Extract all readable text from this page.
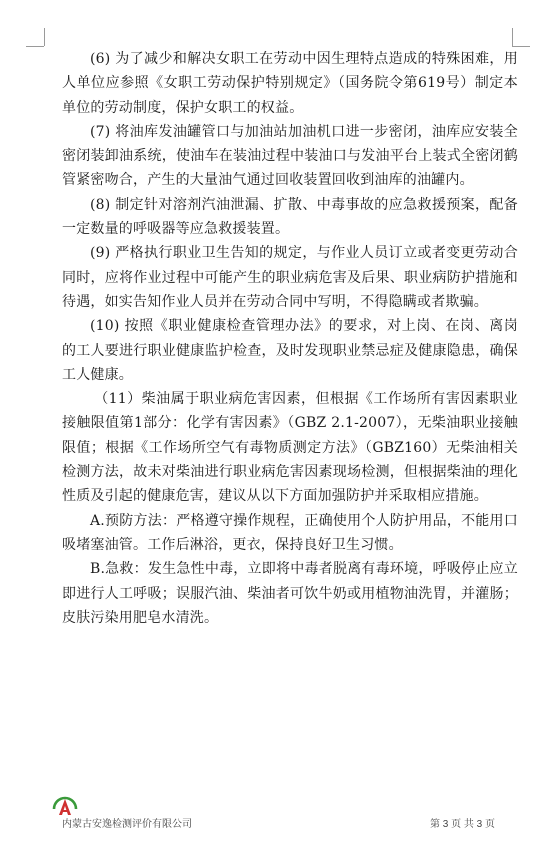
(6) 为了减少和解决女职工在劳动中因生理特点造成的特殊困难，用人单位应参照《女职工劳动保护特别规定》（国务院令第619号）制定本单位的劳动制度，保护女职工的权益。

(7) 将油库发油罐管口与加油站加油机口进一步密闭，油库应安装全密闭装卸油系统，使油车在装油过程中装油口与发油平台上装式全密闭鹤管紧密吻合，产生的大量油气通过回收装置回收到油库的油罐内。

(8) 制定针对溶剂汽油泄漏、扩散、中毒事故的应急救援预案，配备一定数量的呼吸器等应急救援装置。

(9) 严格执行职业卫生告知的规定，与作业人员订立或者变更劳动合同时，应将作业过程中可能产生的职业病危害及后果、职业病防护措施和待遇，如实告知作业人员并在劳动合同中写明，不得隐瞒或者欺骗。

(10) 按照《职业健康检查管理办法》的要求，对上岗、在岗、离岗的工人要进行职业健康监护检查，及时发现职业禁忌症及健康隐患，确保工人健康。

（11）柴油属于职业病危害因素，但根据《工作场所有害因素职业接触限值第1部分：化学有害因素》（GBZ 2.1-2007），无柴油职业接触限值；根据《工作场所空气有毒物质测定方法》（GBZ160）无柴油相关检测方法，故未对柴油进行职业病危害因素现场检测，但根据柴油的理化性质及引起的健康危害，建议从以下方面加强防护并采取相应措施。

A.预防方法：严格遵守操作规程，正确使用个人防护用品，不能用口吸堵塞油管。工作后淋浴，更衣，保持良好卫生习惯。

B.急救：发生急性中毒，立即将中毒者脱离有毒环境，呼吸停止应立即进行人工呼吸；误服汽油、柴油者可饮牛奶或用植物油洗胃，并灌肠；皮肤污染用肥皂水清洗。

内蒙古安逸检测评价有限公司	第 3 页 共 3 页
